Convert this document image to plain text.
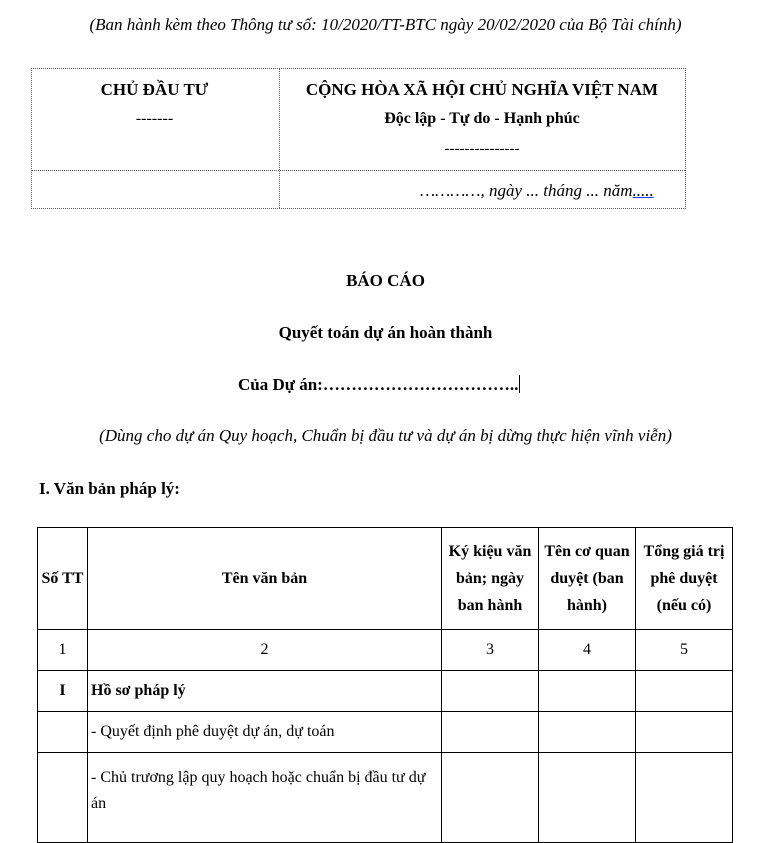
(Ban hành kèm theo Thông tư số: 10/2020/TT-BTC ngày 20/02/2020 của Bộ Tài chính)
CHỦ ĐẦU TƯ
-------
CỘNG HÒA XÃ HỘI CHỦ NGHĨA VIỆT NAM
Độc lập - Tự do - Hạnh phúc
---------------
…………, ngày ... tháng ... năm.....
BÁO CÁO
Quyết toán dự án hoàn thành
Của Dự án:……………………………..
(Dùng cho dự án Quy hoạch, Chuẩn bị đầu tư và dự án bị dừng thực hiện vĩnh viễn)
I. Văn bản pháp lý:
Số TT	Tên văn bản	Ký kiệu văn bản; ngày ban hành	Tên cơ quan duyệt (ban hành)	Tổng giá trị phê duyệt (nếu có)
1	2	3	4	5
I	Hồ sơ pháp lý			
	- Quyết định phê duyệt dự án, dự toán			
	- Chủ trương lập quy hoạch hoặc chuẩn bị đầu tư dự án			
